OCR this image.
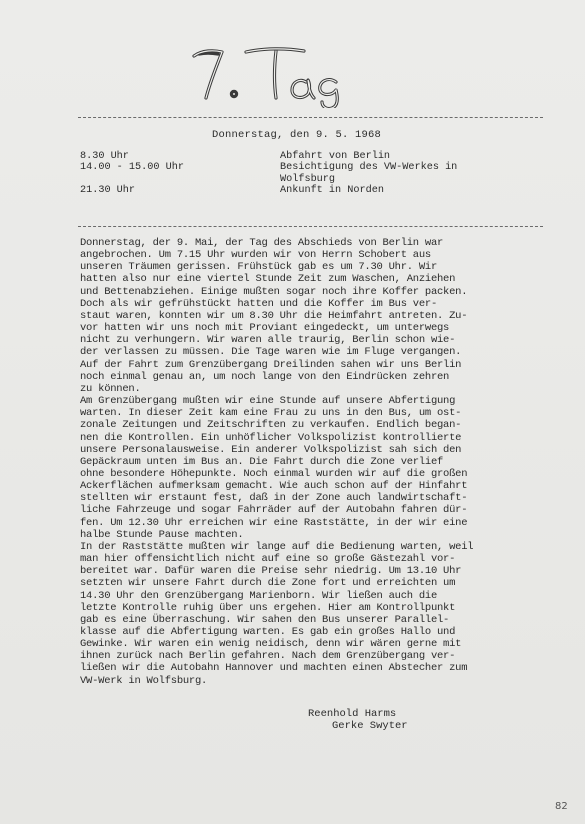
Donnerstag, den 9. 5. 1968
8.30 Uhr	Abfahrt von Berlin
14.00 - 15.00 Uhr	Besichtigung des VW-Werkes in
Wolfsburg
21.30 Uhr	Ankunft in Norden
Donnerstag, der 9. Mai, der Tag des Abschieds von Berlin war
angebrochen. Um 7.15 Uhr wurden wir von Herrn Schobert aus
unseren Träumen gerissen. Frühstück gab es um 7.30 Uhr. Wir
hatten also nur eine viertel Stunde Zeit zum Waschen, Anziehen
und Bettenabziehen. Einige mußten sogar noch ihre Koffer packen.
Doch als wir gefrühstückt hatten und die Koffer im Bus ver-
staut waren, konnten wir um 8.30 Uhr die Heimfahrt antreten. Zu-
vor hatten wir uns noch mit Proviant eingedeckt, um unterwegs
nicht zu verhungern. Wir waren alle traurig, Berlin schon wie-
der verlassen zu müssen. Die Tage waren wie im Fluge vergangen.
Auf der Fahrt zum Grenzübergang Dreilinden sahen wir uns Berlin
noch einmal genau an, um noch lange von den Eindrücken zehren
zu können.
Am Grenzübergang mußten wir eine Stunde auf unsere Abfertigung
warten. In dieser Zeit kam eine Frau zu uns in den Bus, um ost-
zonale Zeitungen und Zeitschriften zu verkaufen. Endlich began-
nen die Kontrollen. Ein unhöflicher Volkspolizist kontrollierte
unsere Personalausweise. Ein anderer Volkspolizist sah sich den
Gepäckraum unten im Bus an. Die Fahrt durch die Zone verlief
ohne besondere Höhepunkte. Noch einmal wurden wir auf die großen
Ackerflächen aufmerksam gemacht. Wie auch schon auf der Hinfahrt
stellten wir erstaunt fest, daß in der Zone auch landwirtschaft-
liche Fahrzeuge und sogar Fahrräder auf der Autobahn fahren dür-
fen. Um 12.30 Uhr erreichen wir eine Raststätte, in der wir eine
halbe Stunde Pause machten.
In der Raststätte mußten wir lange auf die Bedienung warten, weil
man hier offensichtlich nicht auf eine so große Gästezahl vor-
bereitet war. Dafür waren die Preise sehr niedrig. Um 13.10 Uhr
setzten wir unsere Fahrt durch die Zone fort und erreichten um
14.30 Uhr den Grenzübergang Marienborn. Wir ließen auch die
letzte Kontrolle ruhig über uns ergehen. Hier am Kontrollpunkt
gab es eine Überraschung. Wir sahen den Bus unserer Parallel-
klasse auf die Abfertigung warten. Es gab ein großes Hallo und
Gewinke. Wir waren ein wenig neidisch, denn wir wären gerne mit
ihnen zurück nach Berlin gefahren. Nach dem Grenzübergang ver-
ließen wir die Autobahn Hannover und machten einen Abstecher zum
VW-Werk in Wolfsburg.
Reenhold Harms
Gerke Swyter
82
